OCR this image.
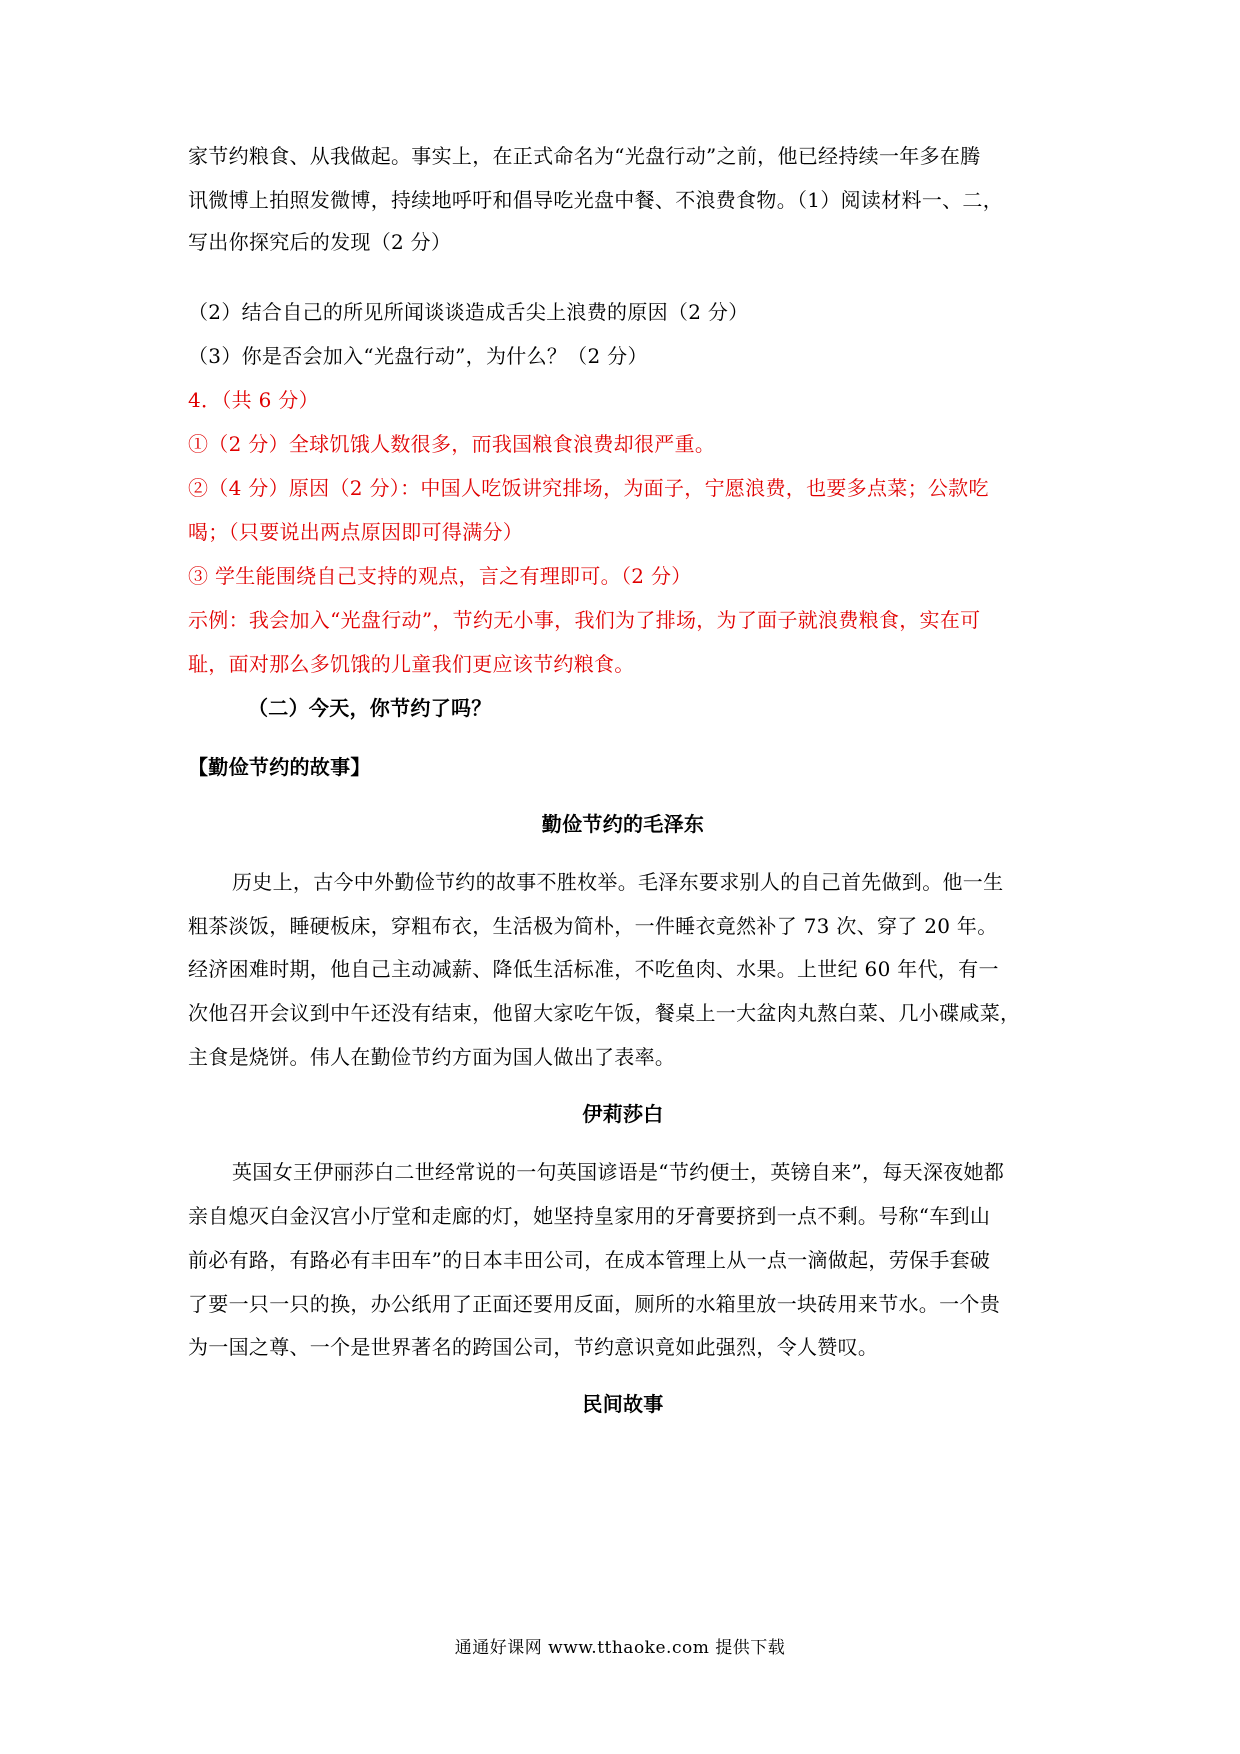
家节约粮食、从我做起。事实上，在正式命名为“光盘行动”之前，他已经持续一年多在腾
讯微博上拍照发微博，持续地呼吁和倡导吃光盘中餐、不浪费食物。（1）阅读材料一、二，
写出你探究后的发现（2 分）
（2）结合自己的所见所闻谈谈造成舌尖上浪费的原因（2 分）
（3）你是否会加入“光盘行动”，为什么？（2 分）
4．（共 6 分）
①（2 分）全球饥饿人数很多，而我国粮食浪费却很严重。
②（4 分）原因（2 分）：中国人吃饭讲究排场，为面子，宁愿浪费，也要多点菜；公款吃
喝；（只要说出两点原因即可得满分）
③ 学生能围绕自己支持的观点，言之有理即可。（2 分）
示例：我会加入“光盘行动”，节约无小事，我们为了排场，为了面子就浪费粮食，实在可
耻，面对那么多饥饿的儿童我们更应该节约粮食。
（二）今天，你节约了吗？
【勤俭节约的故事】
勤俭节约的毛泽东
历史上，古今中外勤俭节约的故事不胜枚举。毛泽东要求别人的自己首先做到。他一生
粗茶淡饭，睡硬板床，穿粗布衣，生活极为简朴，一件睡衣竟然补了 73 次、穿了 20 年。
经济困难时期，他自己主动减薪、降低生活标准，不吃鱼肉、水果。上世纪 60 年代，有一
次他召开会议到中午还没有结束，他留大家吃午饭，餐桌上一大盆肉丸熬白菜、几小碟咸菜，
主食是烧饼。伟人在勤俭节约方面为国人做出了表率。
伊莉莎白
英国女王伊丽莎白二世经常说的一句英国谚语是“节约便士，英镑自来”，每天深夜她都
亲自熄灭白金汉宫小厅堂和走廊的灯，她坚持皇家用的牙膏要挤到一点不剩。号称“车到山
前必有路，有路必有丰田车”的日本丰田公司，在成本管理上从一点一滴做起，劳保手套破
了要一只一只的换，办公纸用了正面还要用反面，厕所的水箱里放一块砖用来节水。一个贵
为一国之尊、一个是世界著名的跨国公司，节约意识竟如此强烈，令人赞叹。
民间故事
通通好课网 www.tthaoke.com 提供下载
